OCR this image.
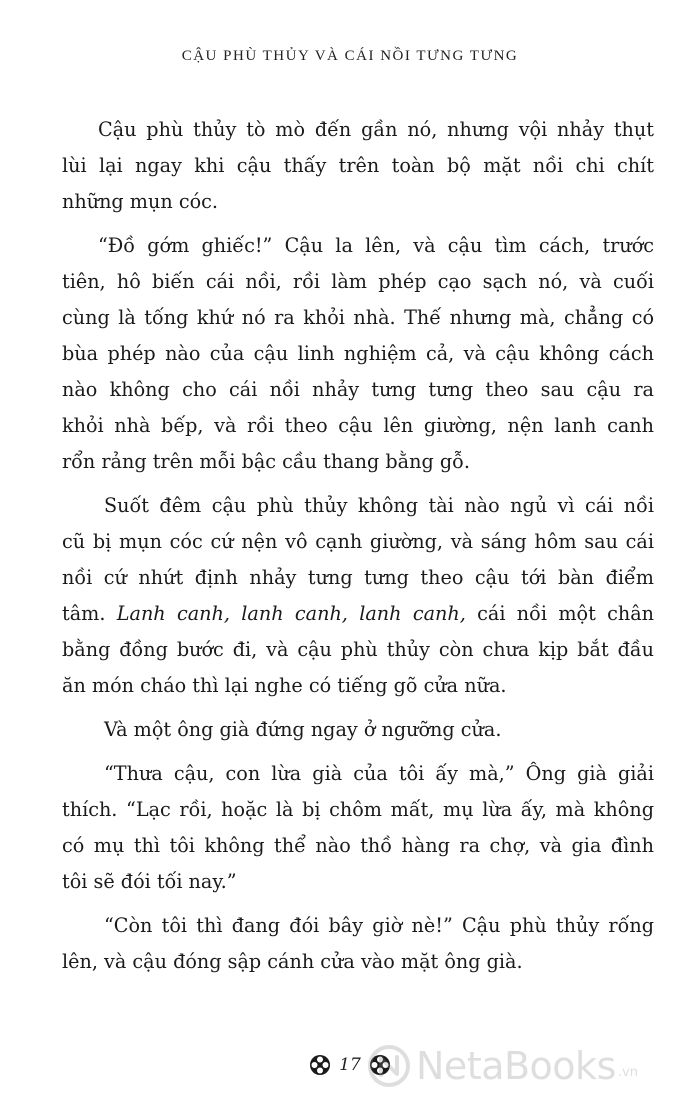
CẬU PHÙ THỦY VÀ CÁI NỒI TƯNG TƯNG

Cậu phù thủy tò mò đến gần nó, nhưng vội nhảy thụt
lùi lại ngay khi cậu thấy trên toàn bộ mặt nồi chi chít
những mụn cóc.

“Đồ gớm ghiếc!” Cậu la lên, và cậu tìm cách, trước
tiên, hô biến cái nồi, rồi làm phép cạo sạch nó, và cuối
cùng là tống khứ nó ra khỏi nhà. Thế nhưng mà, chẳng có
bùa phép nào của cậu linh nghiệm cả, và cậu không cách
nào không cho cái nồi nhảy tưng tưng theo sau cậu ra
khỏi nhà bếp, và rồi theo cậu lên giường, nện lanh canh
rổn rảng trên mỗi bậc cầu thang bằng gỗ.

Suốt đêm cậu phù thủy không tài nào ngủ vì cái nồi
cũ bị mụn cóc cứ nện vô cạnh giường, và sáng hôm sau cái
nồi cứ nhứt định nhảy tưng tưng theo cậu tới bàn điểm
tâm. Lanh canh, lanh canh, lanh canh, cái nồi một chân
bằng đồng bước đi, và cậu phù thủy còn chưa kịp bắt đầu
ăn món cháo thì lại nghe có tiếng gõ cửa nữa.

Và một ông già đứng ngay ở ngưỡng cửa.

“Thưa cậu, con lừa già của tôi ấy mà,” Ông già giải
thích. “Lạc rồi, hoặc là bị chôm mất, mụ lừa ấy, mà không
có mụ thì tôi không thể nào thồ hàng ra chợ, và gia đình
tôi sẽ đói tối nay.”

“Còn tôi thì đang đói bây giờ nè!” Cậu phù thủy rống
lên, và cậu đóng sập cánh cửa vào mặt ông già.

17 NetaBooks .vn
